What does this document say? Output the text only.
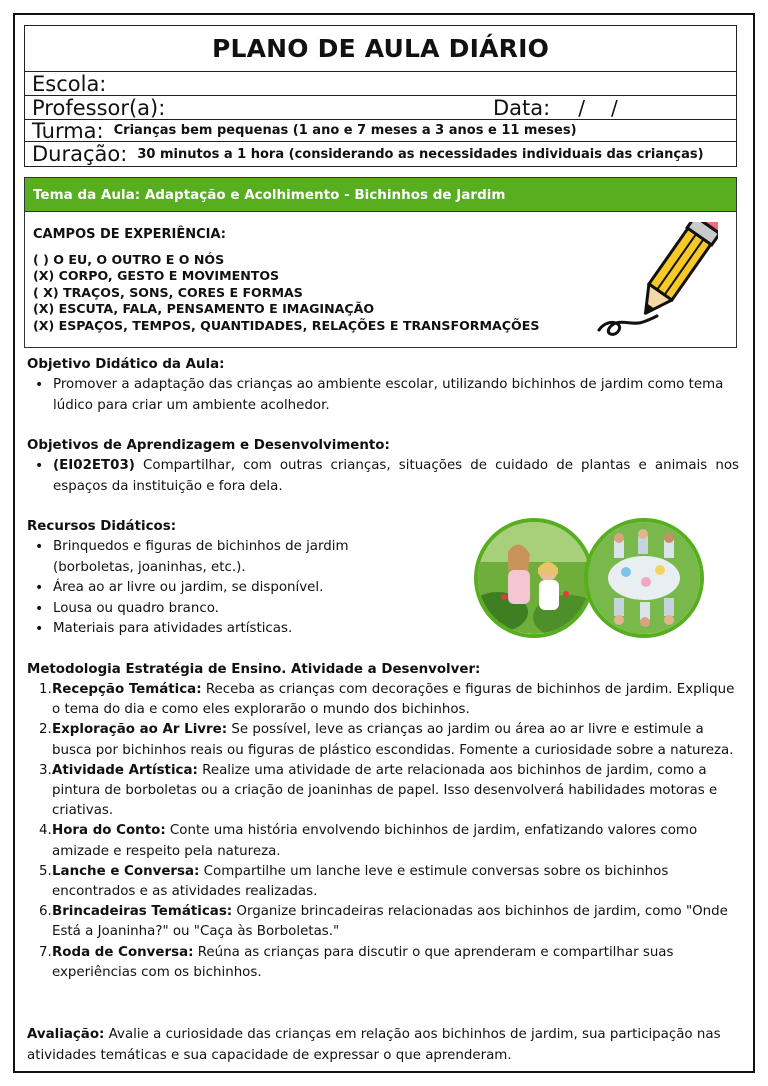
PLANO DE AULA DIÁRIO
Escola:
Professor(a):	Data: / /
Turma: Crianças bem pequenas (1 ano e 7 meses a 3 anos e 11 meses)
Duração: 30 minutos a 1 hora (considerando as necessidades individuais das crianças)
Tema da Aula: Adaptação e Acolhimento - Bichinhos de Jardim
CAMPOS DE EXPERIÊNCIA:
( ) O EU, O OUTRO E O NÓS
(X) CORPO, GESTO E MOVIMENTOS
( X) TRAÇOS, SONS, CORES E FORMAS
(X) ESCUTA, FALA, PENSAMENTO E IMAGINAÇÃO
(X) ESPAÇOS, TEMPOS, QUANTIDADES, RELAÇÕES E TRANSFORMAÇÕES
Objetivo Didático da Aula:
• Promover a adaptação das crianças ao ambiente escolar, utilizando bichinhos de jardim como tema lúdico para criar um ambiente acolhedor.
Objetivos de Aprendizagem e Desenvolvimento:
• (EI02ET03) Compartilhar, com outras crianças, situações de cuidado de plantas e animais nos espaços da instituição e fora dela.
Recursos Didáticos:
• Brinquedos e figuras de bichinhos de jardim (borboletas, joaninhas, etc.).
• Área ao ar livre ou jardim, se disponível.
• Lousa ou quadro branco.
• Materiais para atividades artísticas.
Metodologia Estratégia de Ensino. Atividade a Desenvolver:
1. Recepção Temática: Receba as crianças com decorações e figuras de bichinhos de jardim. Explique o tema do dia e como eles explorarão o mundo dos bichinhos.
2. Exploração ao Ar Livre: Se possível, leve as crianças ao jardim ou área ao ar livre e estimule a busca por bichinhos reais ou figuras de plástico escondidas. Fomente a curiosidade sobre a natureza.
3. Atividade Artística: Realize uma atividade de arte relacionada aos bichinhos de jardim, como a pintura de borboletas ou a criação de joaninhas de papel. Isso desenvolverá habilidades motoras e criativas.
4. Hora do Conto: Conte uma história envolvendo bichinhos de jardim, enfatizando valores como amizade e respeito pela natureza.
5. Lanche e Conversa: Compartilhe um lanche leve e estimule conversas sobre os bichinhos encontrados e as atividades realizadas.
6. Brincadeiras Temáticas: Organize brincadeiras relacionadas aos bichinhos de jardim, como "Onde Está a Joaninha?" ou "Caça às Borboletas."
7. Roda de Conversa: Reúna as crianças para discutir o que aprenderam e compartilhar suas experiências com os bichinhos.
Avaliação: Avalie a curiosidade das crianças em relação aos bichinhos de jardim, sua participação nas atividades temáticas e sua capacidade de expressar o que aprenderam.
